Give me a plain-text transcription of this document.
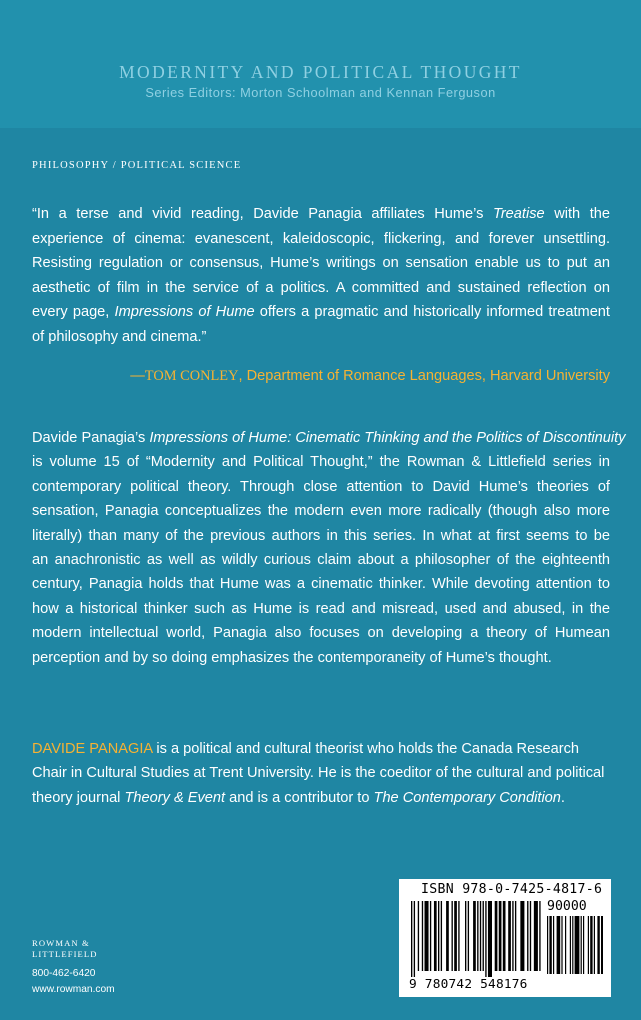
MODERNITY AND POLITICAL THOUGHT
Series Editors: Morton Schoolman and Kennan Ferguson
PHILOSOPHY / POLITICAL SCIENCE
“In a terse and vivid reading, Davide Panagia affiliates Hume’s Treatise with the
experience of cinema: evanescent, kaleidoscopic, flickering, and forever unsettling.
Resisting regulation or consensus, Hume’s writings on sensation enable us to put an
aesthetic of film in the service of a politics. A committed and sustained reflection on
every page, Impressions of Hume offers a pragmatic and historically informed treatment
of philosophy and cinema.”
—TOM CONLEY, Department of Romance Languages, Harvard University
Davide Panagia’s Impressions of Hume: Cinematic Thinking and the Politics of Discontinuity
is volume 15 of “Modernity and Political Thought,” the Rowman & Littlefield series in
contemporary political theory. Through close attention to David Hume’s theories of
sensation, Panagia conceptualizes the modern even more radically (though also more
literally) than many of the previous authors in this series. In what at first seems to be
an anachronistic as well as wildly curious claim about a philosopher of the eighteenth
century, Panagia holds that Hume was a cinematic thinker. While devoting attention to
how a historical thinker such as Hume is read and misread, used and abused, in the
modern intellectual world, Panagia also focuses on developing a theory of Humean
perception and by so doing emphasizes the contemporaneity of Hume’s thought.
DAVIDE PANAGIA is a political and cultural theorist who holds the Canada Research
Chair in Cultural Studies at Trent University. He is the coeditor of the cultural and political
theory journal Theory & Event and is a contributor to The Contemporary Condition.
ROWMAN &
LITTLEFIELD
800-462-6420
www.rowman.com
ISBN 978-0-7425-4817-6
90000
9 780742 548176
